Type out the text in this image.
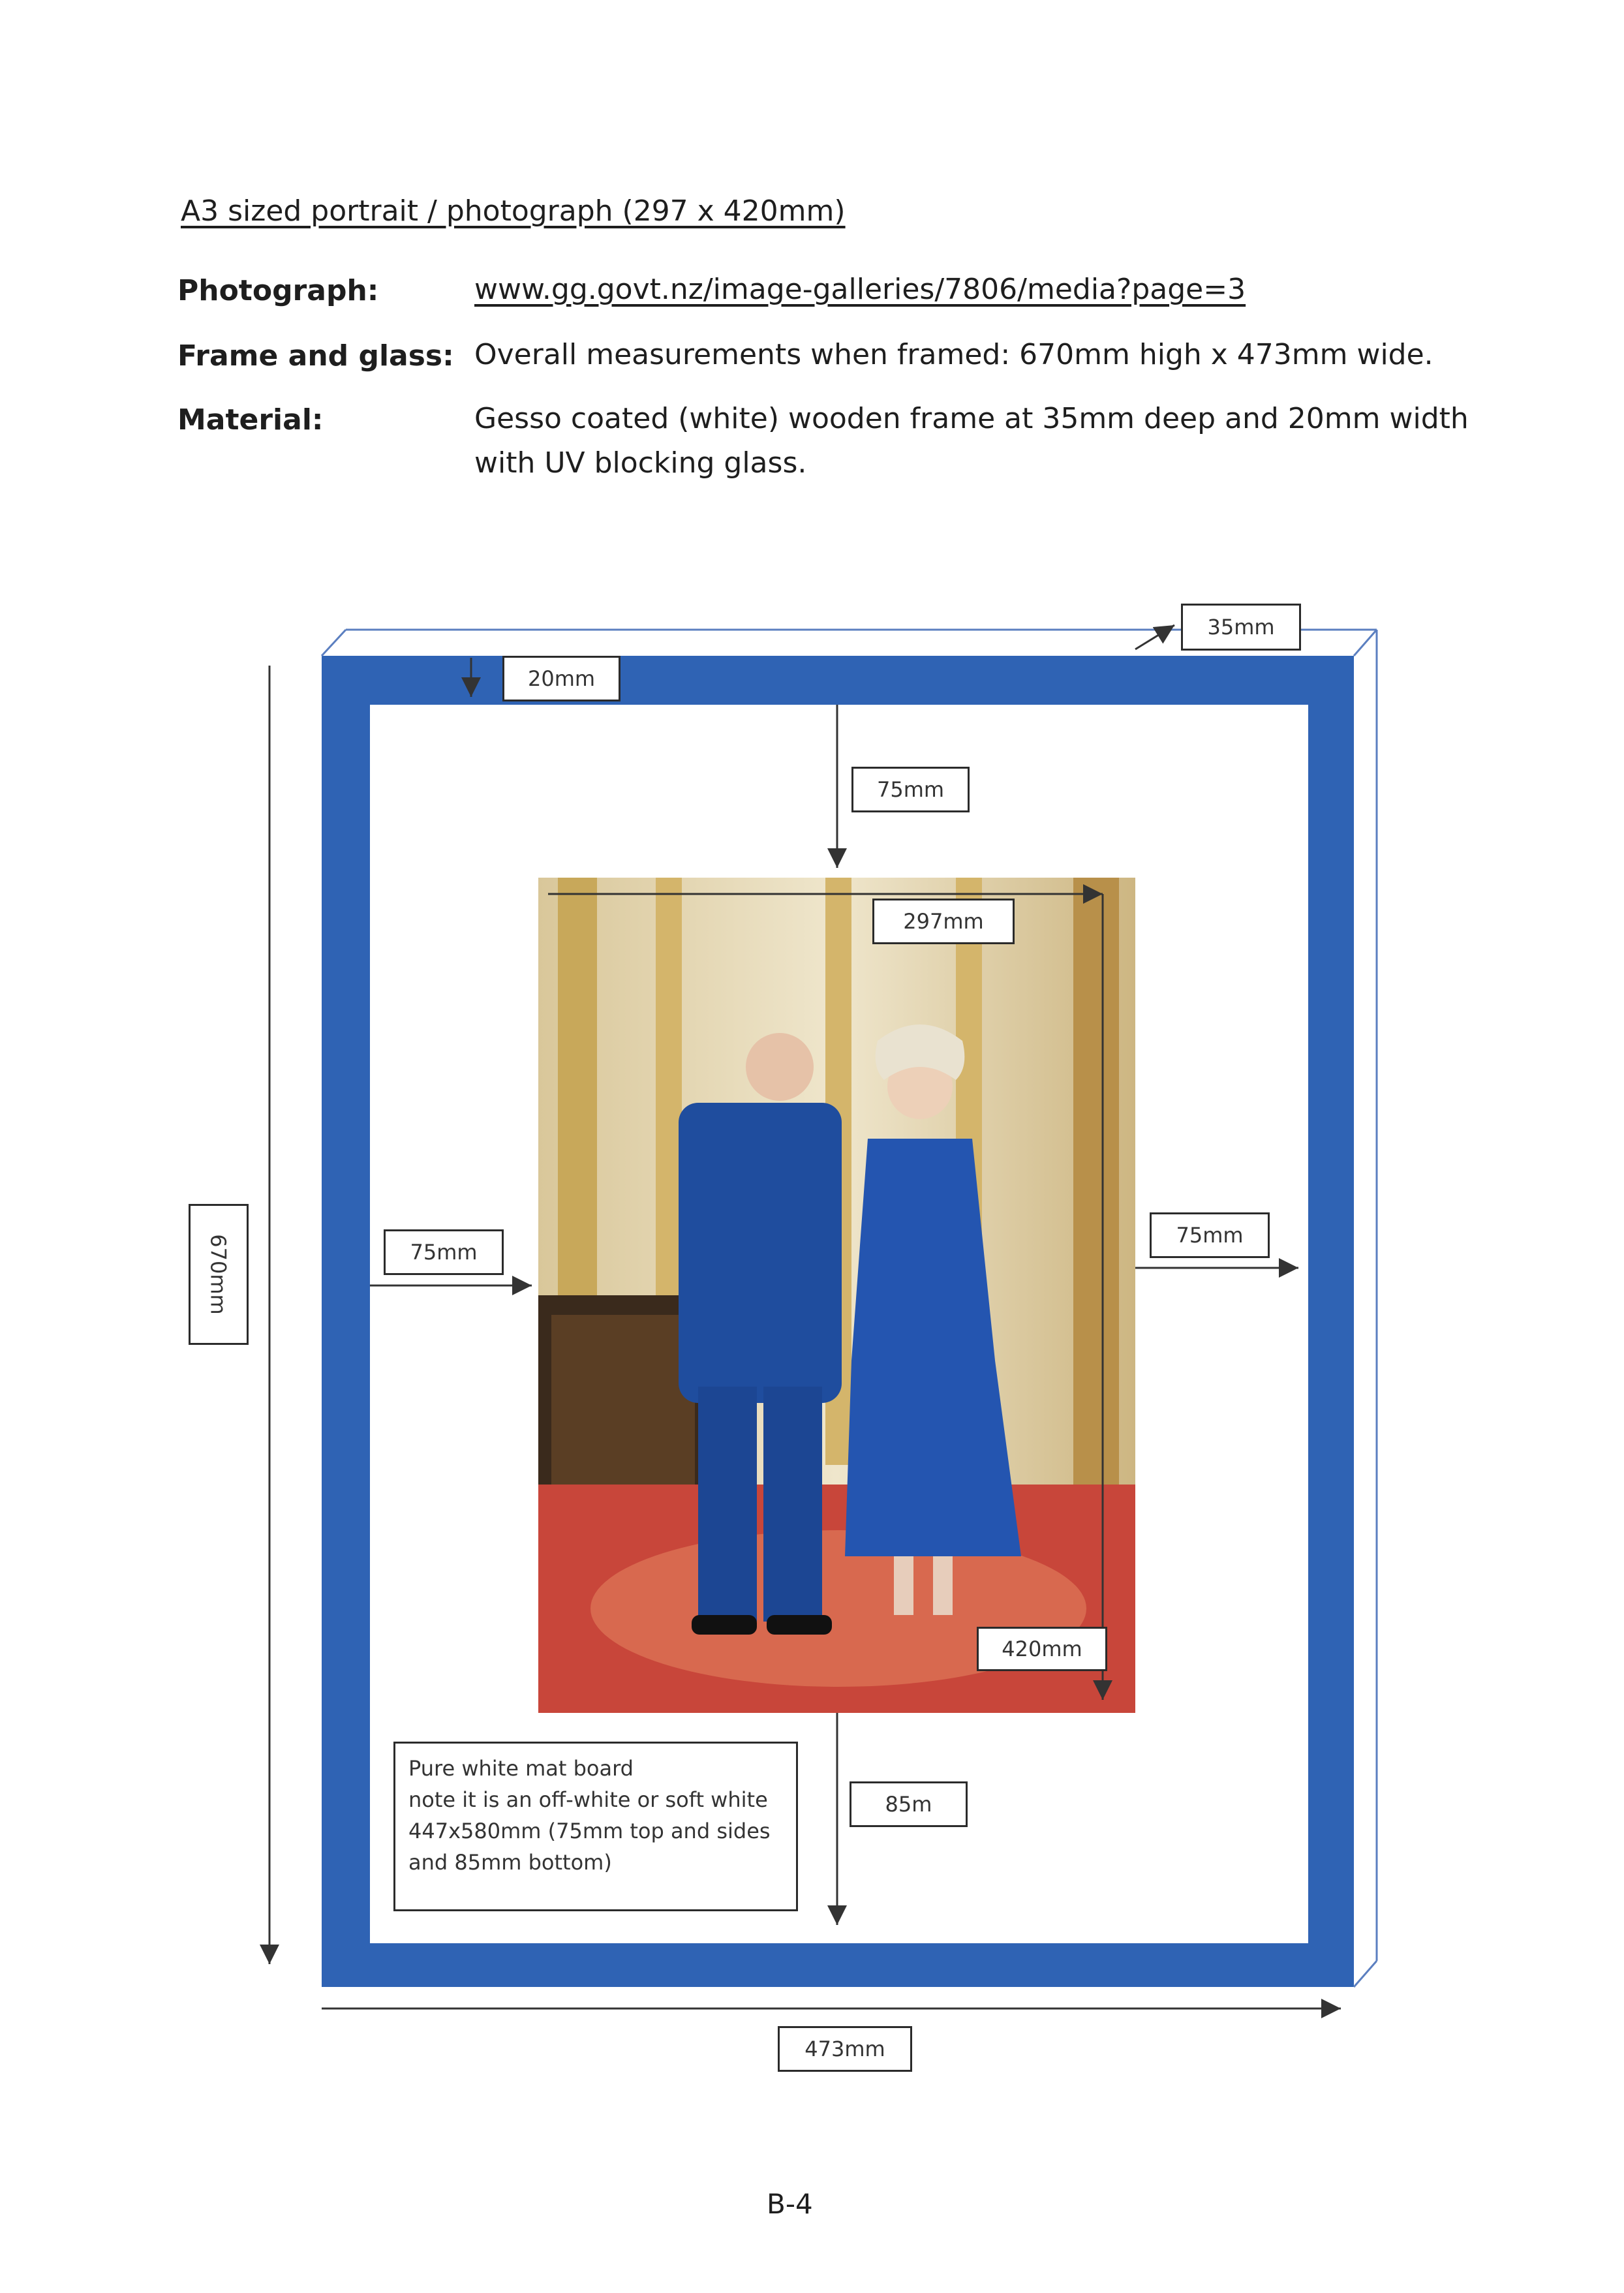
A3 sized portrait / photograph (297 x 420mm)
Photograph:	www.gg.govt.nz/image-galleries/7806/media?page=3
Frame and glass: Overall measurements when framed: 670mm high x 473mm wide.
Material:	Gesso coated (white) wooden frame at 35mm deep and 20mm width
with UV blocking glass.
35mm
20mm
75mm
297mm
75mm
75mm
420mm
85m
473mm
670mm
Pure white mat board
note it is an off-white or soft white
447x580mm (75mm top and sides
and 85mm bottom)
B-4
